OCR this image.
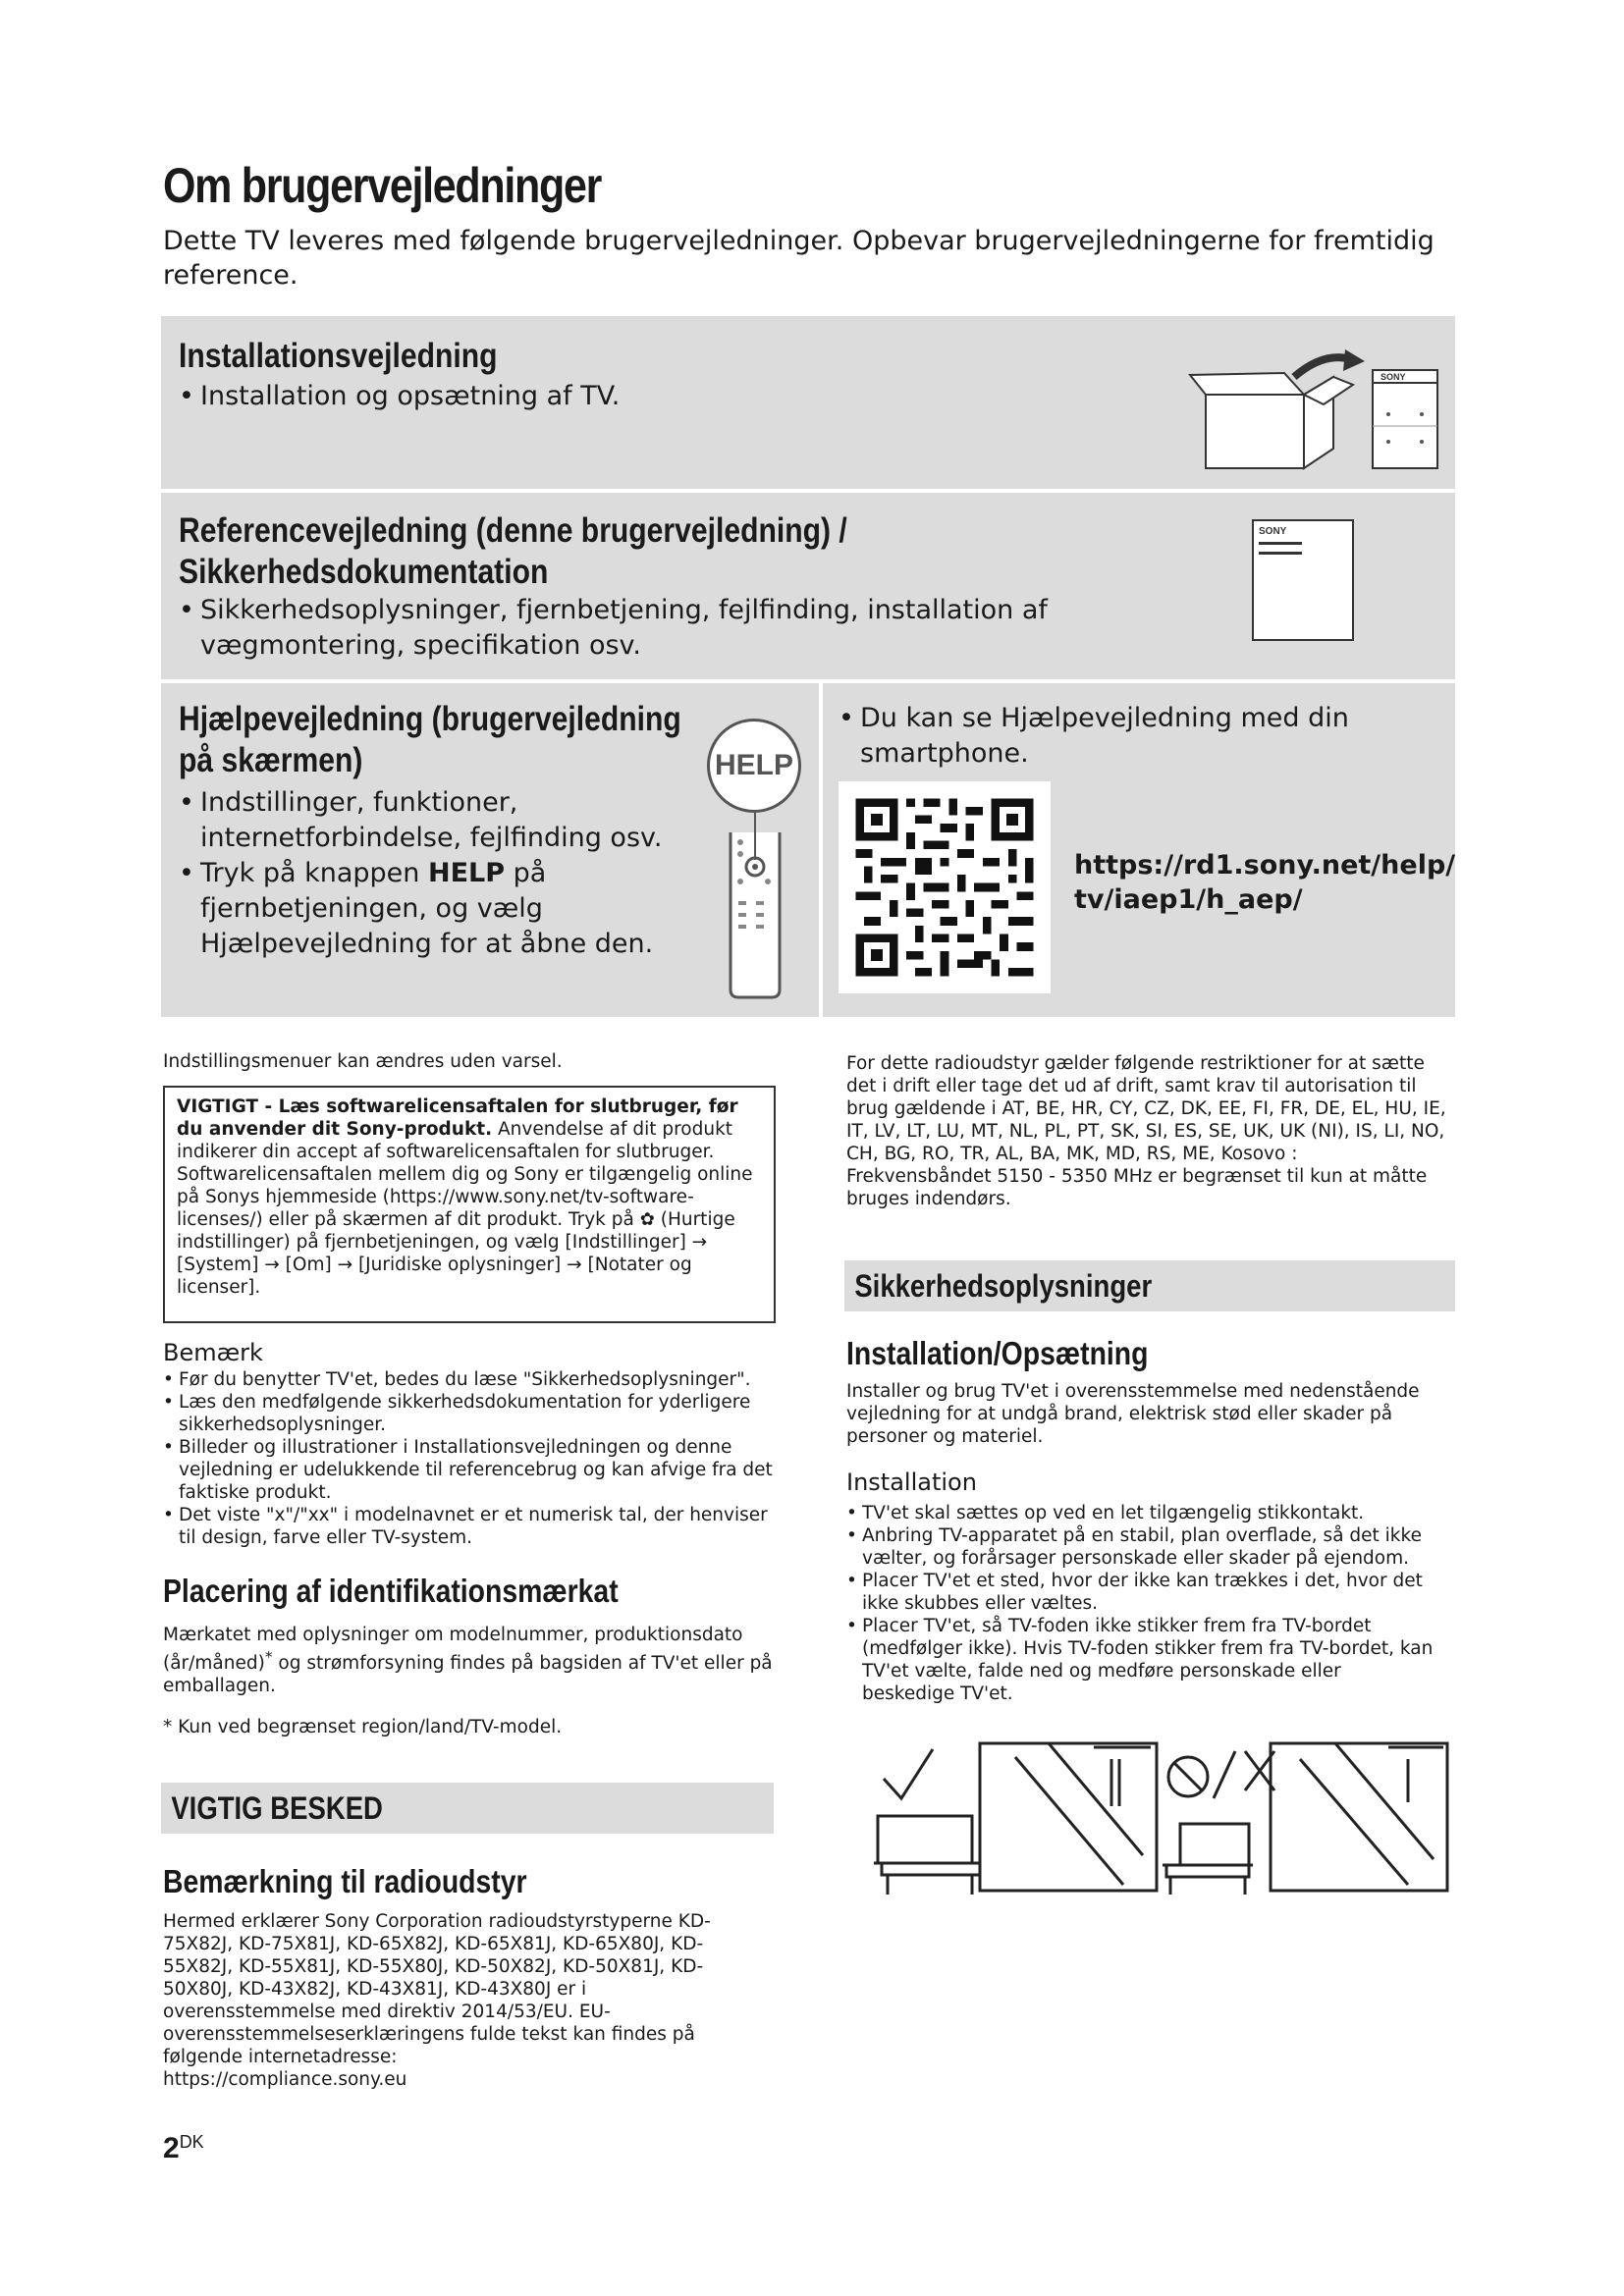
Om brugervejledninger

Dette TV leveres med følgende brugervejledninger. Opbevar brugervejledningerne for fremtidig reference.

Installationsvejledning
• Installation og opsætning af TV.
SONY
Referencevejledning (denne brugervejledning) /
Sikkerhedsdokumentation
• Sikkerhedsoplysninger, fjernbetjening, fejlfinding, installation af
vægmontering, specifikation osv.
SONY
Hjælpevejledning (brugervejledning
på skærmen)
• Indstillinger, funktioner,
internetforbindelse, fejlfinding osv.
• Tryk på knappen HELP på
fjernbetjeningen, og vælg
Hjælpevejledning for at åbne den.
HELP
• Du kan se Hjælpevejledning med din
smartphone.
https://rd1.sony.net/help/
tv/iaep1/h_aep/
Indstillingsmenuer kan ændres uden varsel.
VIGTIGT - Læs softwarelicensaftalen for slutbruger, før du anvender dit Sony-produkt. Anvendelse af dit produkt indikerer din accept af softwarelicensaftalen for slutbruger. Softwarelicensaftalen mellem dig og Sony er tilgængelig online på Sonys hjemmeside (https://www.sony.net/tv-software-licenses/) eller på skærmen af dit produkt. Tryk på ✿ (Hurtige indstillinger) på fjernbetjeningen, og vælg [Indstillinger] → [System] → [Om] → [Juridiske oplysninger] → [Notater og licenser].
Bemærk
• Før du benytter TV'et, bedes du læse "Sikkerhedsoplysninger".
• Læs den medfølgende sikkerhedsdokumentation for yderligere sikkerhedsoplysninger.
• Billeder og illustrationer i Installationsvejledningen og denne vejledning er udelukkende til referencebrug og kan afvige fra det faktiske produkt.
• Det viste "x"/"xx" i modelnavnet er et numerisk tal, der henviser til design, farve eller TV-system.
Placering af identifikationsmærkat
Mærkatet med oplysninger om modelnummer, produktionsdato (år/måned)* og strømforsyning findes på bagsiden af TV'et eller på emballagen.
* Kun ved begrænset region/land/TV-model.
VIGTIG BESKED
Bemærkning til radioudstyr
Hermed erklærer Sony Corporation radioudstyrstyperne KD-75X82J, KD-75X81J, KD-65X82J, KD-65X81J, KD-65X80J, KD-55X82J, KD-55X81J, KD-55X80J, KD-50X82J, KD-50X81J, KD-50X80J, KD-43X82J, KD-43X81J, KD-43X80J er i overensstemmelse med direktiv 2014/53/EU. EU-overensstemmelseserklæringens fulde tekst kan findes på følgende internetadresse:
https://compliance.sony.eu
For dette radioudstyr gælder følgende restriktioner for at sætte det i drift eller tage det ud af drift, samt krav til autorisation til brug gældende i AT, BE, HR, CY, CZ, DK, EE, FI, FR, DE, EL, HU, IE, IT, LV, LT, LU, MT, NL, PL, PT, SK, SI, ES, SE, UK, UK (NI), IS, LI, NO, CH, BG, RO, TR, AL, BA, MK, MD, RS, ME, Kosovo :
Frekvensbåndet 5150 - 5350 MHz er begrænset til kun at måtte bruges indendørs.
Sikkerhedsoplysninger
Installation/Opsætning
Installer og brug TV'et i overensstemmelse med nedenstående vejledning for at undgå brand, elektrisk stød eller skader på personer og materiel.
Installation
• TV'et skal sættes op ved en let tilgængelig stikkontakt.
• Anbring TV-apparatet på en stabil, plan overflade, så det ikke vælter, og forårsager personskade eller skader på ejendom.
• Placer TV'et et sted, hvor der ikke kan trækkes i det, hvor det ikke skubbes eller væltes.
• Placer TV'et, så TV-foden ikke stikker frem fra TV-bordet (medfølger ikke). Hvis TV-foden stikker frem fra TV-bordet, kan TV'et vælte, falde ned og medføre personskade eller beskedige TV'et.
$2^{DK}$
